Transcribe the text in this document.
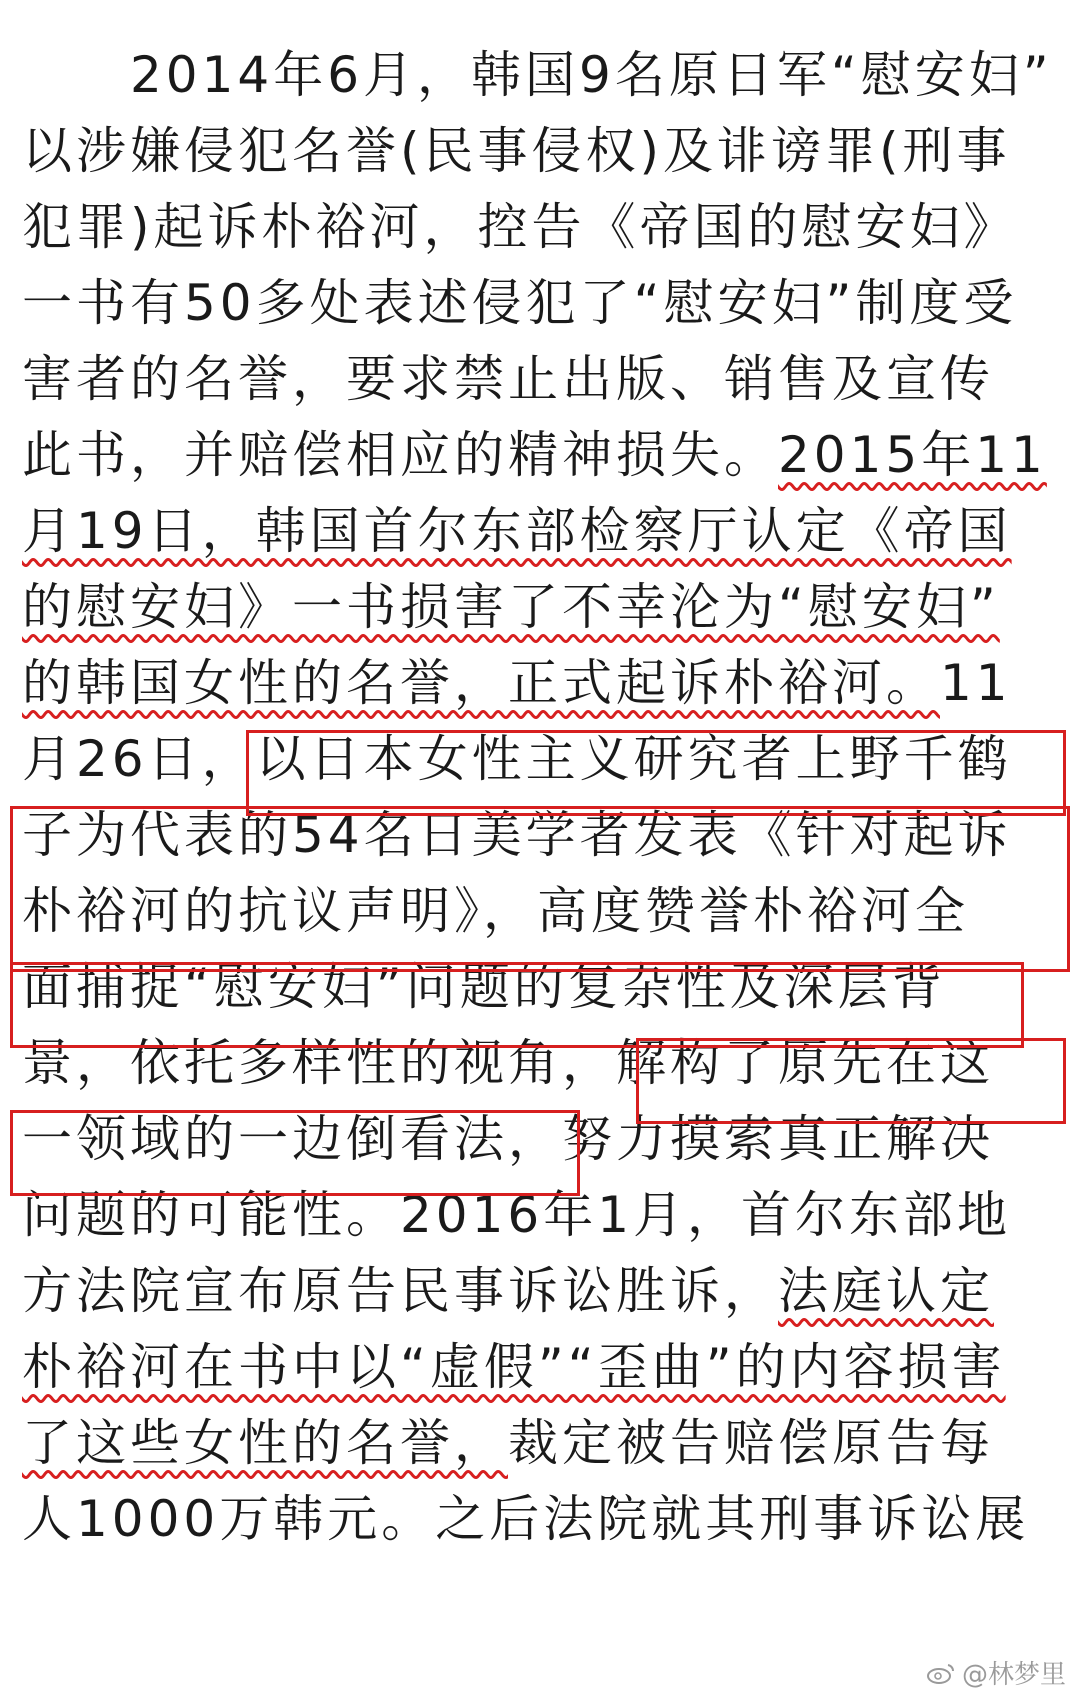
　　2014年6月，韩国9名原日军“慰安妇”
以涉嫌侵犯名誉(民事侵权)及诽谤罪(刑事
犯罪)起诉朴裕河，控告《帝国的慰安妇》
一书有50多处表述侵犯了“慰安妇”制度受
害者的名誉，要求禁止出版、销售及宣传
此书，并赔偿相应的精神损失。2015年11
月19日，韩国首尔东部检察厅认定《帝国
的慰安妇》一书损害了不幸沦为“慰安妇”
的韩国女性的名誉，正式起诉朴裕河。11
月26日，以日本女性主义研究者上野千鹤
子为代表的54名日美学者发表《针对起诉
朴裕河的抗议声明》，高度赞誉朴裕河全
面捕捉“慰安妇”问题的复杂性及深层背
景，依托多样性的视角，解构了原先在这
一领域的一边倒看法，努力摸索真正解决
问题的可能性。2016年1月，首尔东部地
方法院宣布原告民事诉讼胜诉，法庭认定
朴裕河在书中以“虚假”“歪曲”的内容损害
了这些女性的名誉，裁定被告赔偿原告每
人1000万韩元。之后法院就其刑事诉讼展
@林梦里
